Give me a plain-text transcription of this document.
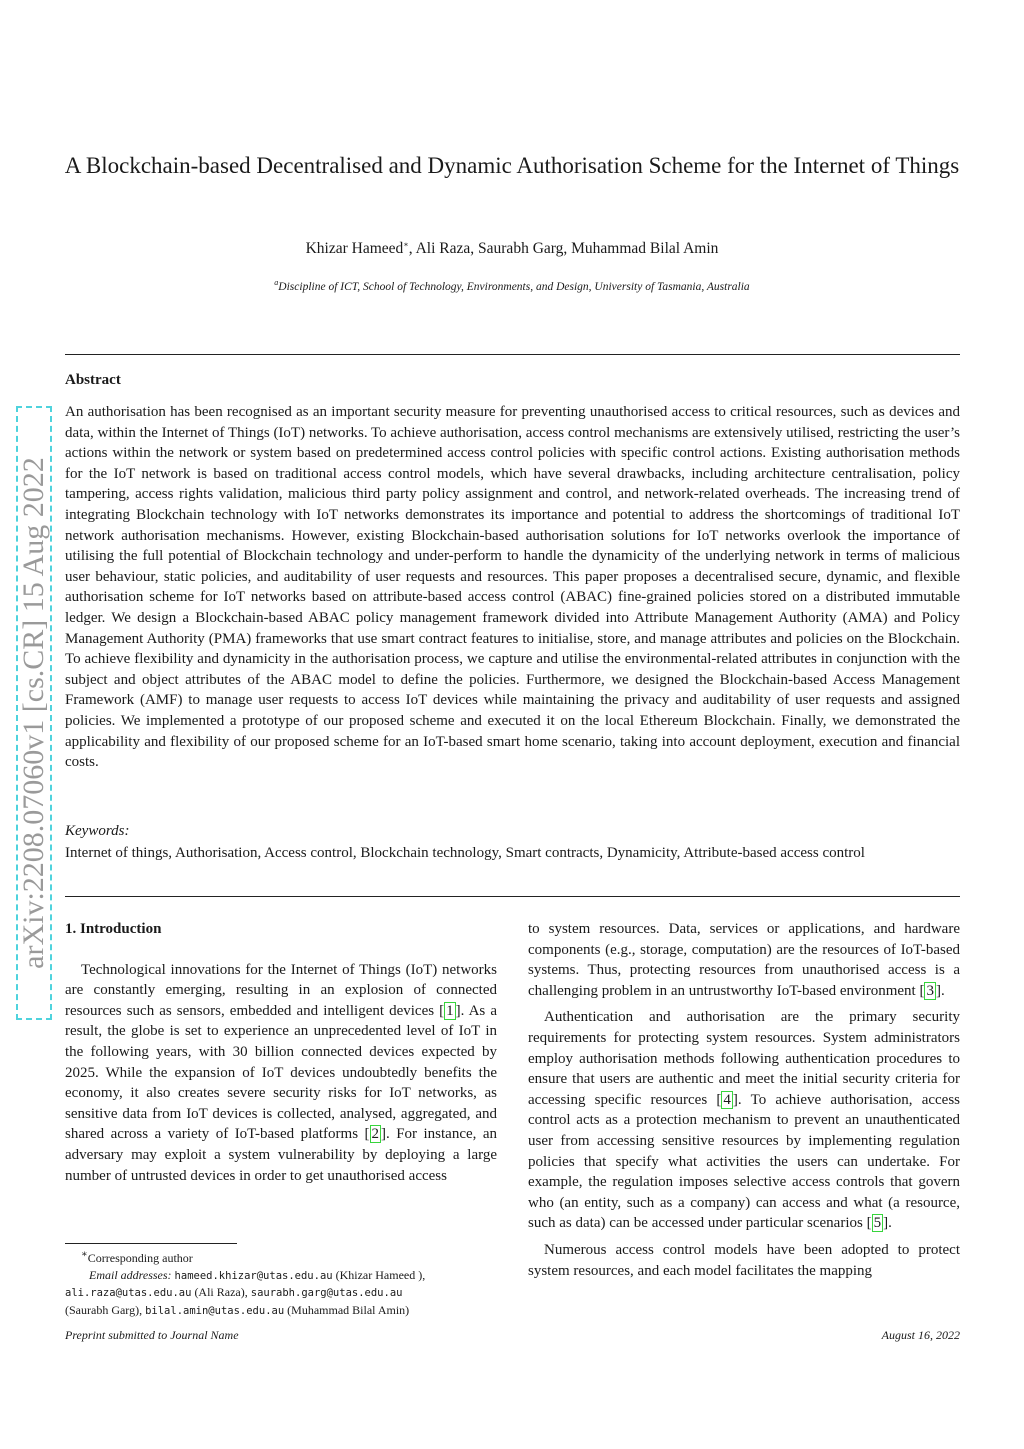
arXiv:2208.07060v1 [cs.CR] 15 Aug 2022
A Blockchain-based Decentralised and Dynamic Authorisation Scheme for the Internet of Things
Khizar Hameed∗, Ali Raza, Saurabh Garg, Muhammad Bilal Amin
$^a$Discipline of ICT, School of Technology, Environments, and Design, University of Tasmania, Australia
Abstract

An authorisation has been recognised as an important security measure for preventing unauthorised access to critical resources, such as devices and data, within the Internet of Things (IoT) networks. To achieve authorisation, access control mechanisms are extensively utilised, restricting the user’s actions within the network or system based on predetermined access control policies with specific control actions. Existing authorisation methods for the IoT network is based on traditional access control models, which have several drawbacks, including architecture centralisation, policy tampering, access rights validation, malicious third party policy assignment and control, and network-related overheads. The increasing trend of integrating Blockchain technology with IoT networks demonstrates its importance and potential to address the shortcomings of traditional IoT network authorisation mechanisms. However, existing Blockchain-based authorisation solutions for IoT networks overlook the importance of utilising the full potential of Blockchain technology and under-perform to handle the dynamicity of the underlying network in terms of malicious user behaviour, static policies, and auditability of user requests and resources. This paper proposes a decentralised secure, dynamic, and flexible authorisation scheme for IoT networks based on attribute-based access control (ABAC) fine-grained policies stored on a distributed immutable ledger. We design a Blockchain-based ABAC policy management framework divided into Attribute Management Authority (AMA) and Policy Management Authority (PMA) frameworks that use smart contract features to initialise, store, and manage attributes and policies on the Blockchain. To achieve flexibility and dynamicity in the authorisation process, we capture and utilise the environmental-related attributes in conjunction with the subject and object attributes of the ABAC model to define the policies. Furthermore, we designed the Blockchain-based Access Management Framework (AMF) to manage user requests to access IoT devices while maintaining the privacy and auditability of user requests and assigned policies. We implemented a prototype of our proposed scheme and executed it on the local Ethereum Blockchain. Finally, we demonstrated the applicability and flexibility of our proposed scheme for an IoT-based smart home scenario, taking into account deployment, execution and financial costs.

Keywords:
Internet of things, Authorisation, Access control, Blockchain technology, Smart contracts, Dynamicity, Attribute-based access control

1. Introduction

Technological innovations for the Internet of Things (IoT) networks are constantly emerging, resulting in an explosion of connected resources such as sensors, embedded and intelligent devices [ 1 ]. As a result, the globe is set to experience an unprecedented level of IoT in the following years, with 30 billion connected devices expected by 2025. While the expansion of IoT devices undoubtedly benefits the economy, it also creates severe security risks for IoT networks, as sensitive data from IoT devices is collected, analysed, aggregated, and shared across a variety of IoT-based platforms [ 2 ]. For instance, an adversary may exploit a system vulnerability by deploying a large number of untrusted devices in order to get unauthorised access

to system resources. Data, services or applications, and hardware components (e.g., storage, computation) are the resources of IoT-based systems. Thus, protecting resources from unauthorised access is a challenging problem in an untrustworthy IoT-based environment [ 3 ].

Authentication and authorisation are the primary security requirements for protecting system resources. System administrators employ authorisation methods following authentication procedures to ensure that users are authentic and meet the initial security criteria for accessing specific resources [ 4 ]. To achieve authorisation, access control acts as a protection mechanism to prevent an unauthenticated user from accessing sensitive resources by implementing regulation policies that specify what activities the users can undertake. For example, the regulation imposes selective access controls that govern who (an entity, such as a company) can access and what (a resource, such as data) can be accessed under particular scenarios [ 5 ].

Numerous access control models have been adopted to protect system resources, and each model facilitates the mapping

∗Corresponding author
Email addresses: hameed.khizar@utas.edu.au (Khizar Hameed ),
ali.raza@utas.edu.au (Ali Raza), saurabh.garg@utas.edu.au
(Saurabh Garg), bilal.amin@utas.edu.au (Muhammad Bilal Amin)
Preprint submitted to Journal Name	August 16, 2022
